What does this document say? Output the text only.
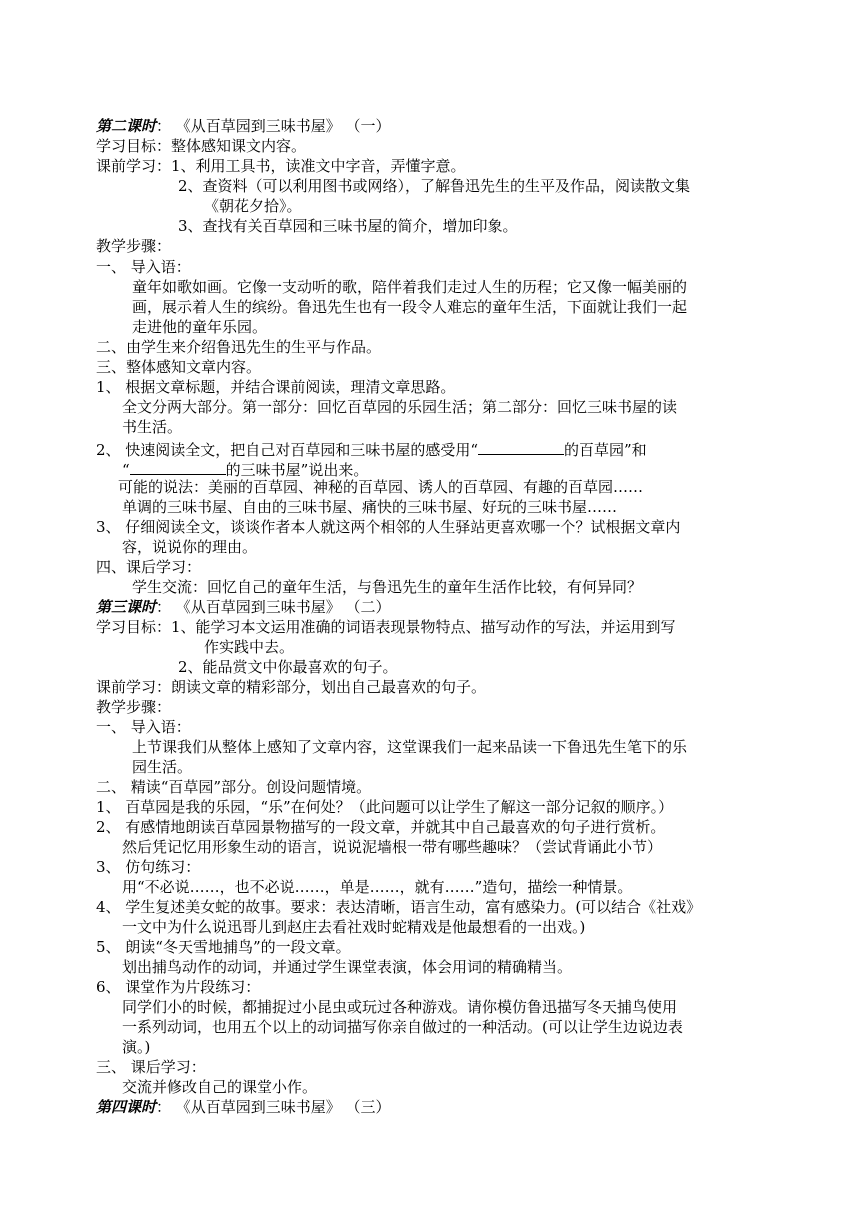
第二课时： 《从百草园到三味书屋》 （一）
学习目标：整体感知课文内容。
课前学习：1、利用工具书，读准文中字音，弄懂字意。
2、查资料（可以利用图书或网络），了解鲁迅先生的生平及作品，阅读散文集
《朝花夕拾》。
3、查找有关百草园和三味书屋的简介，增加印象。
教学步骤：
一、 导入语：
童年如歌如画。它像一支动听的歌，陪伴着我们走过人生的历程；它又像一幅美丽的
画，展示着人生的缤纷。鲁迅先生也有一段令人难忘的童年生活，下面就让我们一起
走进他的童年乐园。
二、由学生来介绍鲁迅先生的生平与作品。
三、整体感知文章内容。
1、 根据文章标题，并结合课前阅读，理清文章思路。
全文分两大部分。第一部分：回忆百草园的乐园生活；第二部分：回忆三味书屋的读
书生活。
2、 快速阅读全文，把自己对百草园和三味书屋的感受用“	的百草园”和
“	的三味书屋”说出来。
可能的说法：美丽的百草园、神秘的百草园、诱人的百草园、有趣的百草园……
单调的三味书屋、自由的三味书屋、痛快的三味书屋、好玩的三味书屋……
3、 仔细阅读全文，谈谈作者本人就这两个相邻的人生驿站更喜欢哪一个？试根据文章内
容，说说你的理由。
四、课后学习：
学生交流：回忆自己的童年生活，与鲁迅先生的童年生活作比较，有何异同？
第三课时： 《从百草园到三味书屋》 （二）
学习目标：1、能学习本文运用准确的词语表现景物特点、描写动作的写法，并运用到写
作实践中去。
2、能品赏文中你最喜欢的句子。
课前学习：朗读文章的精彩部分，划出自己最喜欢的句子。
教学步骤：
一、 导入语：
上节课我们从整体上感知了文章内容，这堂课我们一起来品读一下鲁迅先生笔下的乐
园生活。
二、 精读“百草园”部分。创设问题情境。
1、 百草园是我的乐园，“乐”在何处？（此问题可以让学生了解这一部分记叙的顺序。）
2、 有感情地朗读百草园景物描写的一段文章，并就其中自己最喜欢的句子进行赏析。
然后凭记忆用形象生动的语言，说说泥墙根一带有哪些趣味？（尝试背诵此小节）
3、 仿句练习：
用“不必说……，也不必说……，单是……，就有……”造句，描绘一种情景。
4、 学生复述美女蛇的故事。要求：表达清晰，语言生动，富有感染力。(可以结合《社戏》
一文中为什么说迅哥儿到赵庄去看社戏时蛇精戏是他最想看的一出戏。)
5、 朗读“冬天雪地捕鸟”的一段文章。
划出捕鸟动作的动词，并通过学生课堂表演，体会用词的精确精当。
6、 课堂作为片段练习：
同学们小的时候，都捕捉过小昆虫或玩过各种游戏。请你模仿鲁迅描写冬天捕鸟使用
一系列动词，也用五个以上的动词描写你亲自做过的一种活动。(可以让学生边说边表
演。)
三、 课后学习：
交流并修改自己的课堂小作。
第四课时： 《从百草园到三味书屋》 （三）
